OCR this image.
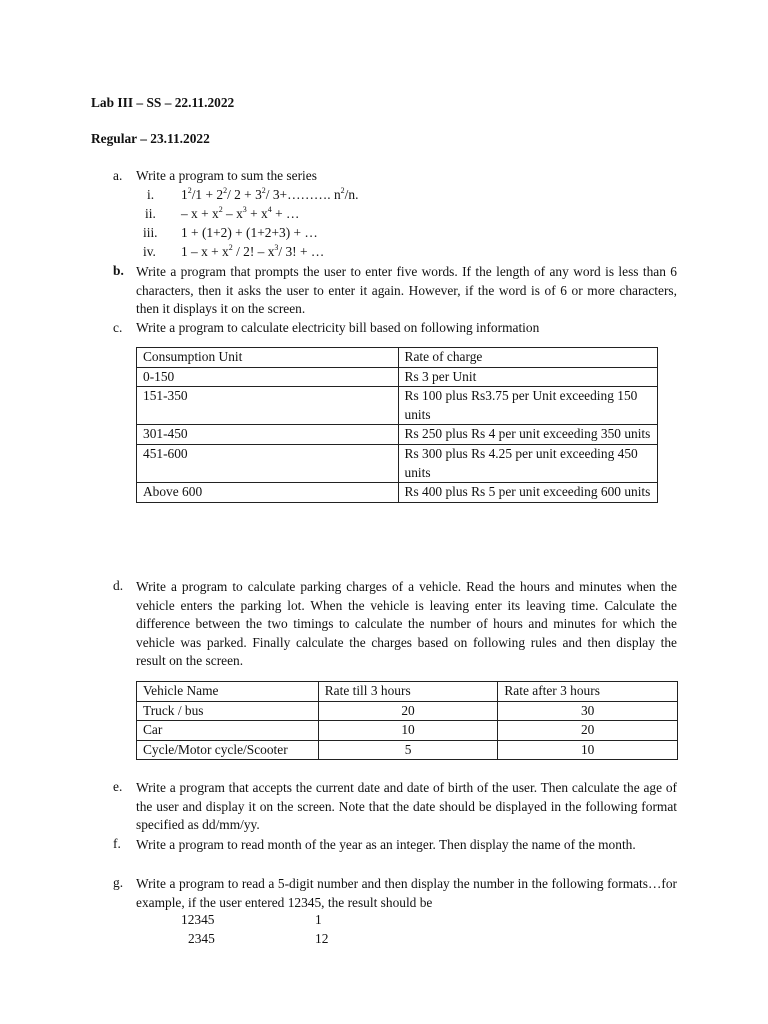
Lab III – SS – 22.11.2022
Regular – 23.11.2022
a. Write a program to sum the series
i. $1^2/1 + 2^2/$ $2 + 3^2/$ 3+………. $n^2/n$.
ii. – $x + x^2 - x^3 + x^4$ + …
iii. 1 + (1+2) + (1+2+3) + …
iv. $1 - x + x^2 / 2$! – $x^3/$ 3! + …
b. Write a program that prompts the user to enter five words. If the length of any word is less than 6 characters, then it asks the user to enter it again. However, if the word is of 6 or more characters, then it displays it on the screen.
c. Write a program to calculate electricity bill based on following information
Consumption Unit	Rate of charge
0-150	Rs 3 per Unit
151-350	Rs 100 plus Rs3.75 per Unit exceeding 150 units
301-450	Rs 250 plus Rs 4 per unit exceeding 350 units
451-600	Rs 300 plus Rs 4.25 per unit exceeding 450 units
Above 600	Rs 400 plus Rs 5 per unit exceeding 600 units
d. Write a program to calculate parking charges of a vehicle. Read the hours and minutes when the vehicle enters the parking lot. When the vehicle is leaving enter its leaving time. Calculate the difference between the two timings to calculate the number of hours and minutes for which the vehicle was parked. Finally calculate the charges based on following rules and then display the result on the screen.
Vehicle Name	Rate till 3 hours	Rate after 3 hours
Truck / bus	20	30
Car	10	20
Cycle/Motor cycle/Scooter	5	10
e. Write a program that accepts the current date and date of birth of the user. Then calculate the age of the user and display it on the screen. Note that the date should be displayed in the following format specified as dd/mm/yy.
f. Write a program to read month of the year as an integer. Then display the name of the month.
g. Write a program to read a 5-digit number and then display the number in the following formats…for example, if the user entered 12345, the result should be
12345	1
2345	12
